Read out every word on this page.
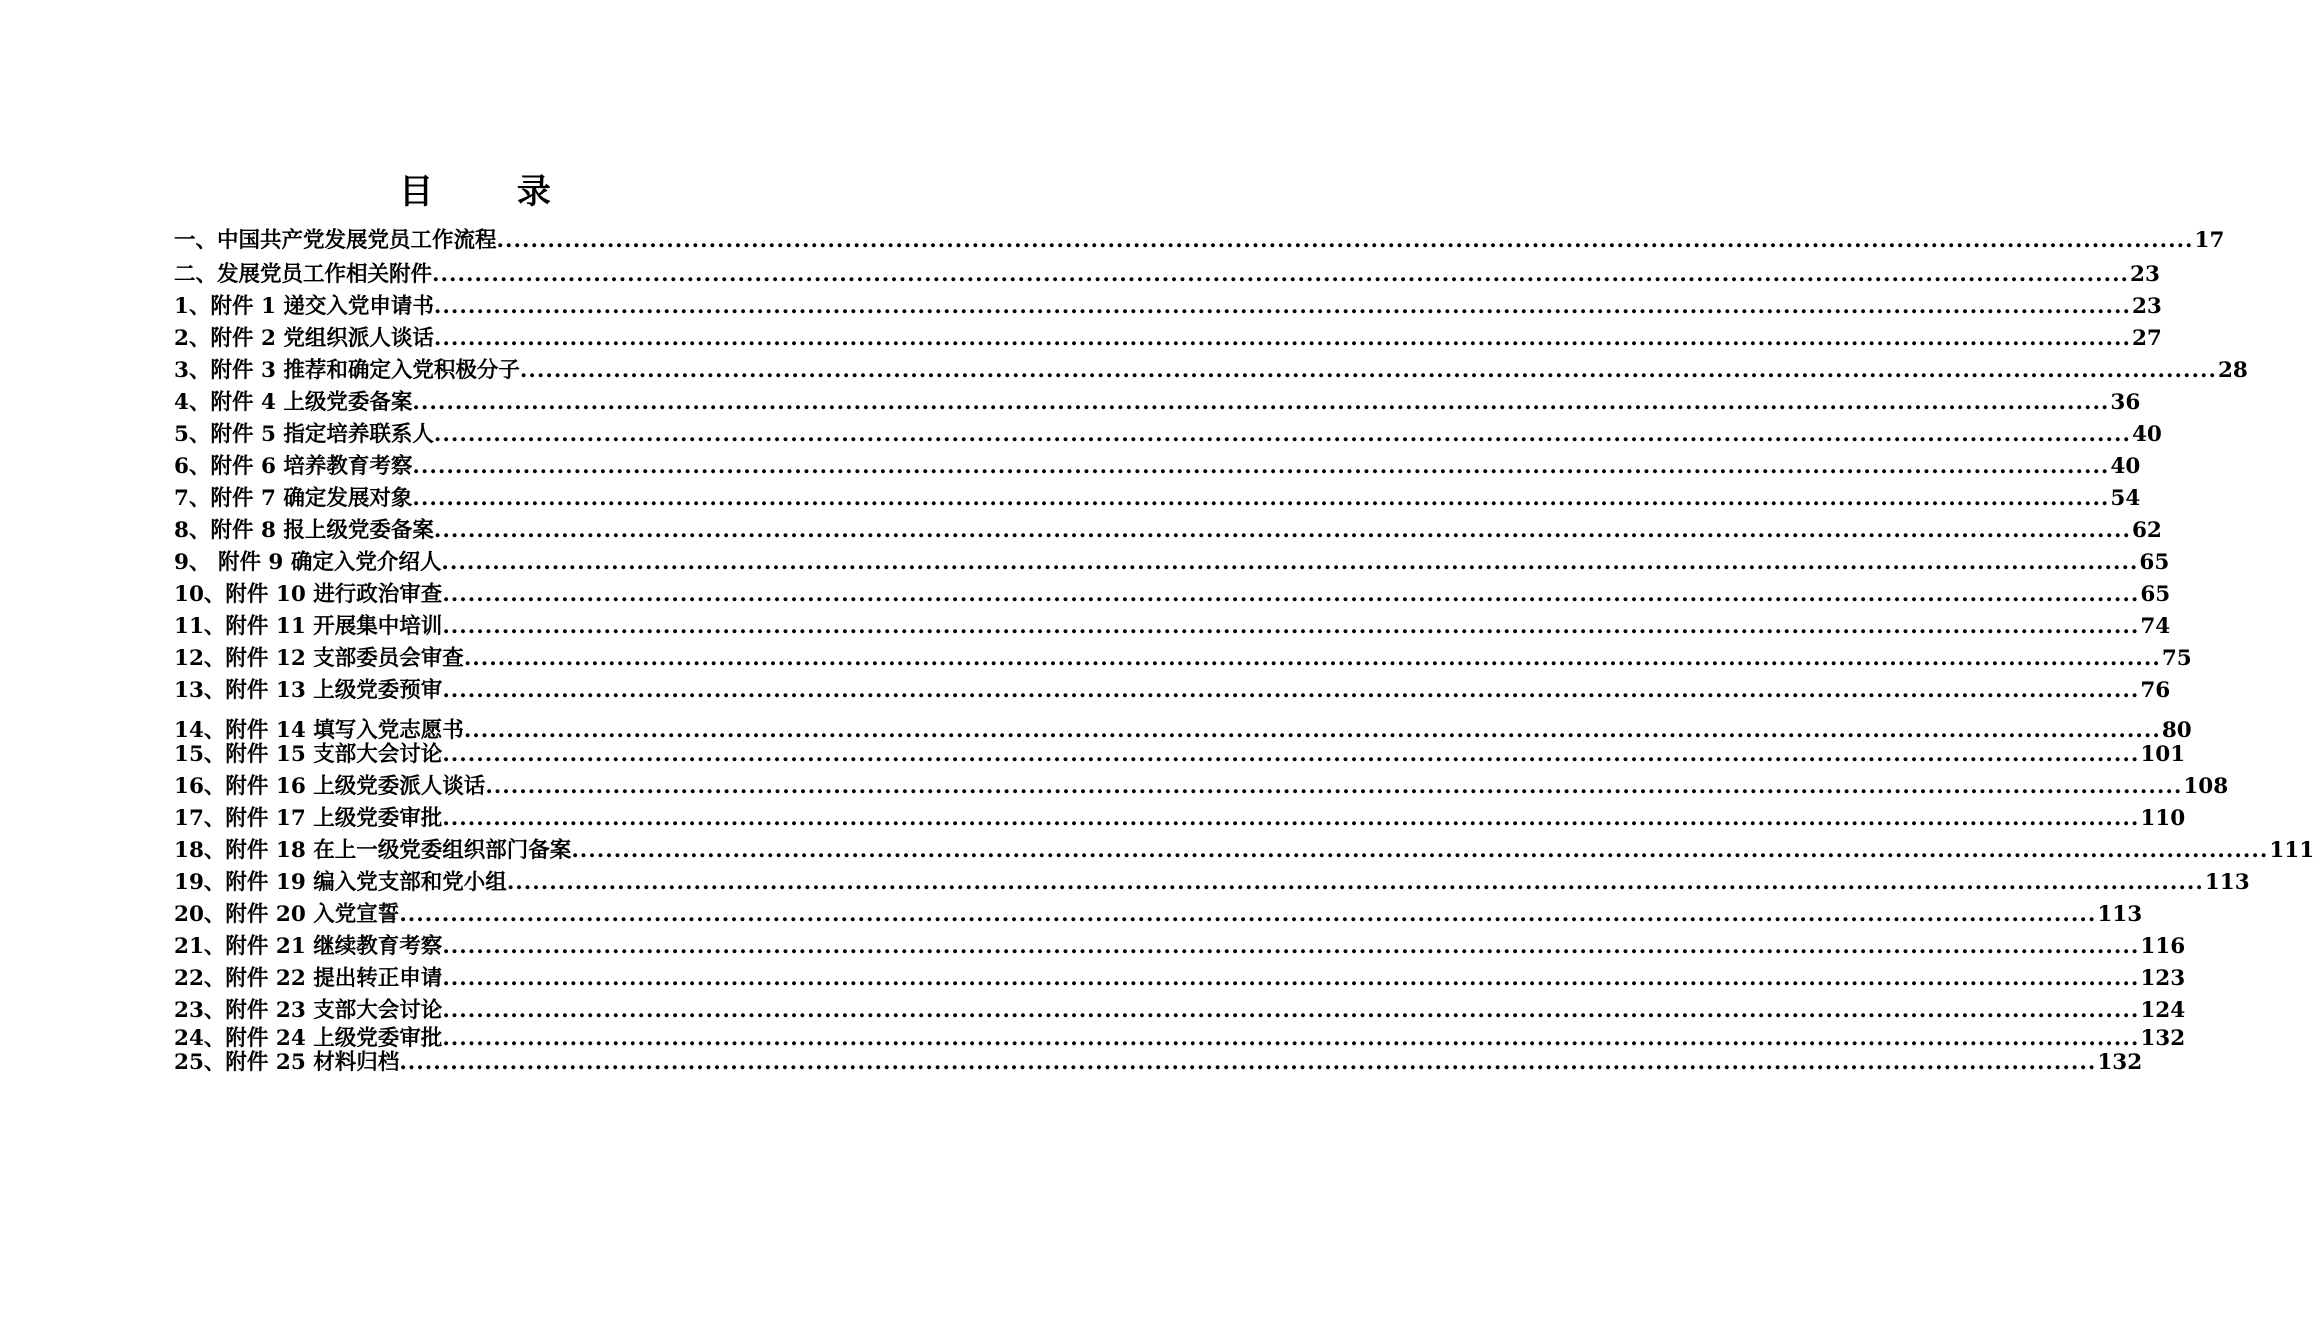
目 录
一、中国共产党发展党员工作流程 ........................................................................................................................................................................................................ 17
二、发展党员工作相关附件 ........................................................................................................................................................................................................ 23
1、附件 1 递交入党申请书 ........................................................................................................................................................................................................ 23
2、附件 2 党组织派人谈话 ........................................................................................................................................................................................................ 27
3、附件 3 推荐和确定入党积极分子 ........................................................................................................................................................................................................ 28
4、附件 4 上级党委备案 ........................................................................................................................................................................................................ 36
5、附件 5 指定培养联系人 ........................................................................................................................................................................................................ 40
6、附件 6 培养教育考察 ........................................................................................................................................................................................................ 40
7、附件 7 确定发展对象 ........................................................................................................................................................................................................ 54
8、附件 8 报上级党委备案 ........................................................................................................................................................................................................ 62
9、 附件 9 确定入党介绍人 ........................................................................................................................................................................................................ 65
10、附件 10 进行政治审查 ........................................................................................................................................................................................................ 65
11、附件 11 开展集中培训 ........................................................................................................................................................................................................ 74
12、附件 12 支部委员会审查 ........................................................................................................................................................................................................ 75
13、附件 13 上级党委预审 ........................................................................................................................................................................................................ 76
14、附件 14 填写入党志愿书 ........................................................................................................................................................................................................ 80
15、附件 15 支部大会讨论 ........................................................................................................................................................................................................ 101
16、附件 16 上级党委派人谈话 ........................................................................................................................................................................................................ 108
17、附件 17 上级党委审批 ........................................................................................................................................................................................................ 110
18、附件 18 在上一级党委组织部门备案 ........................................................................................................................................................................................................ 111
19、附件 19 编入党支部和党小组 ........................................................................................................................................................................................................ 113
20、附件 20 入党宣誓 ........................................................................................................................................................................................................ 113
21、附件 21 继续教育考察 ........................................................................................................................................................................................................ 116
22、附件 22 提出转正申请 ........................................................................................................................................................................................................ 123
23、附件 23 支部大会讨论 ........................................................................................................................................................................................................ 124
24、附件 24 上级党委审批 ........................................................................................................................................................................................................ 132
25、附件 25 材料归档 ........................................................................................................................................................................................................ 132
